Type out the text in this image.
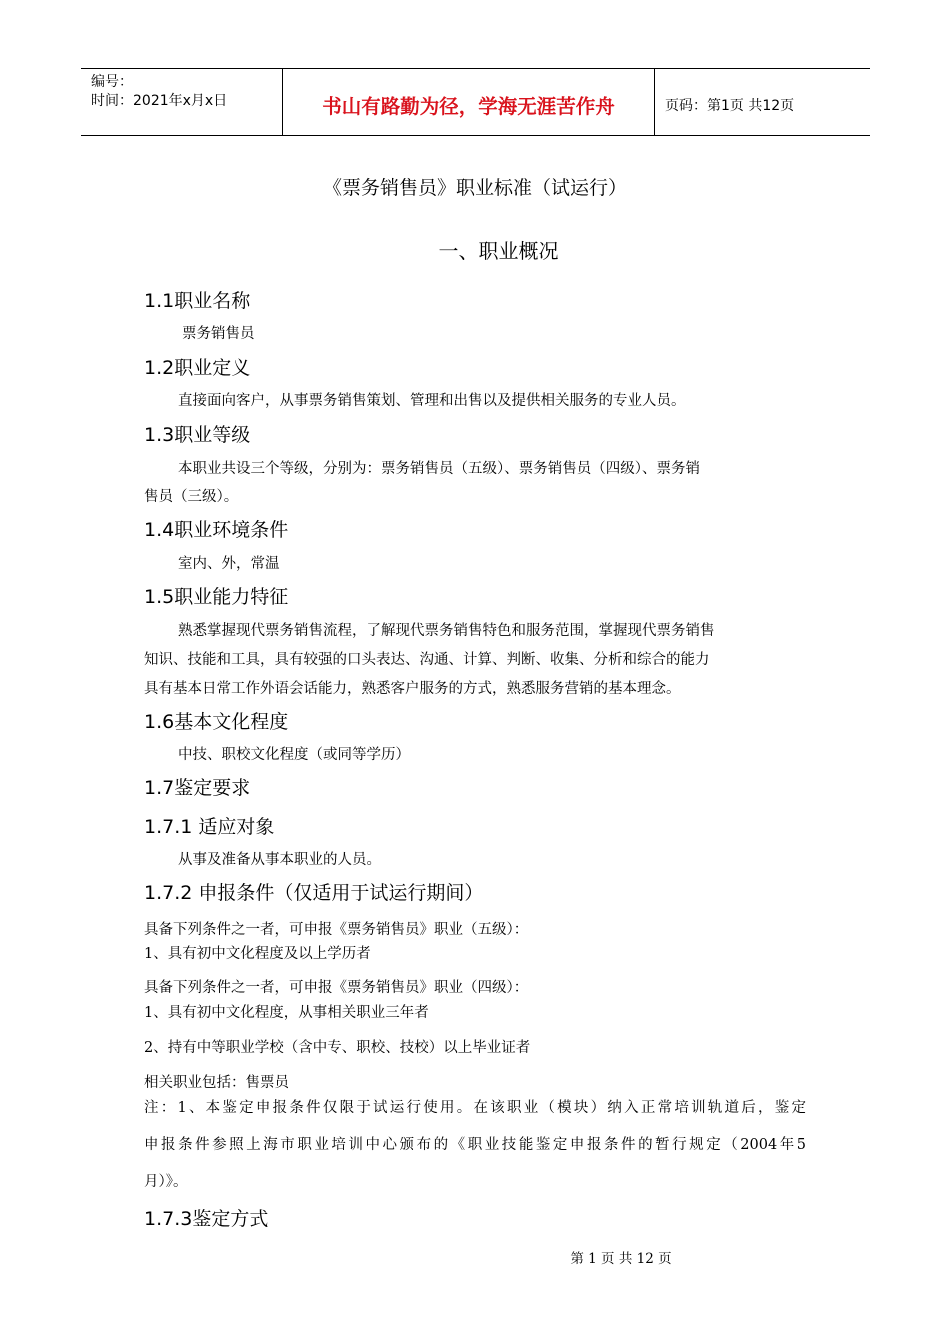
编号：
时间：2021年x月x日	书山有路勤为径，学海无涯苦作舟	页码：第1页 共12页
《票务销售员》职业标准（试运行）
一、职业概况
1.1职业名称
票务销售员
1.2职业定义
直接面向客户，从事票务销售策划、管理和出售以及提供相关服务的专业人员。
1.3职业等级
本职业共设三个等级，分别为：票务销售员（五级）、票务销售员（四级）、票务销
售员（三级）。
1.4职业环境条件
室内、外，常温
1.5职业能力特征
熟悉掌握现代票务销售流程，了解现代票务销售特色和服务范围，掌握现代票务销售
知识、技能和工具，具有较强的口头表达、沟通、计算、判断、收集、分析和综合的能力
具有基本日常工作外语会话能力，熟悉客户服务的方式，熟悉服务营销的基本理念。
1.6基本文化程度
中技、职校文化程度（或同等学历）
1.7鉴定要求
1.7.1 适应对象
从事及准备从事本职业的人员。
1.7.2 申报条件（仅适用于试运行期间）
具备下列条件之一者，可申报《票务销售员》职业（五级）：
1、具有初中文化程度及以上学历者
具备下列条件之一者，可申报《票务销售员》职业（四级）：
1、具有初中文化程度，从事相关职业三年者
2、持有中等职业学校（含中专、职校、技校）以上毕业证者
相关职业包括：售票员
注：1、本鉴定申报条件仅限于试运行使用。在该职业（模块）纳入正常培训轨道后，鉴定
申报条件参照上海市职业培训中心颁布的《职业技能鉴定申报条件的暂行规定（2004年5
月）》。
1.7.3鉴定方式
第 1 页 共 12 页
